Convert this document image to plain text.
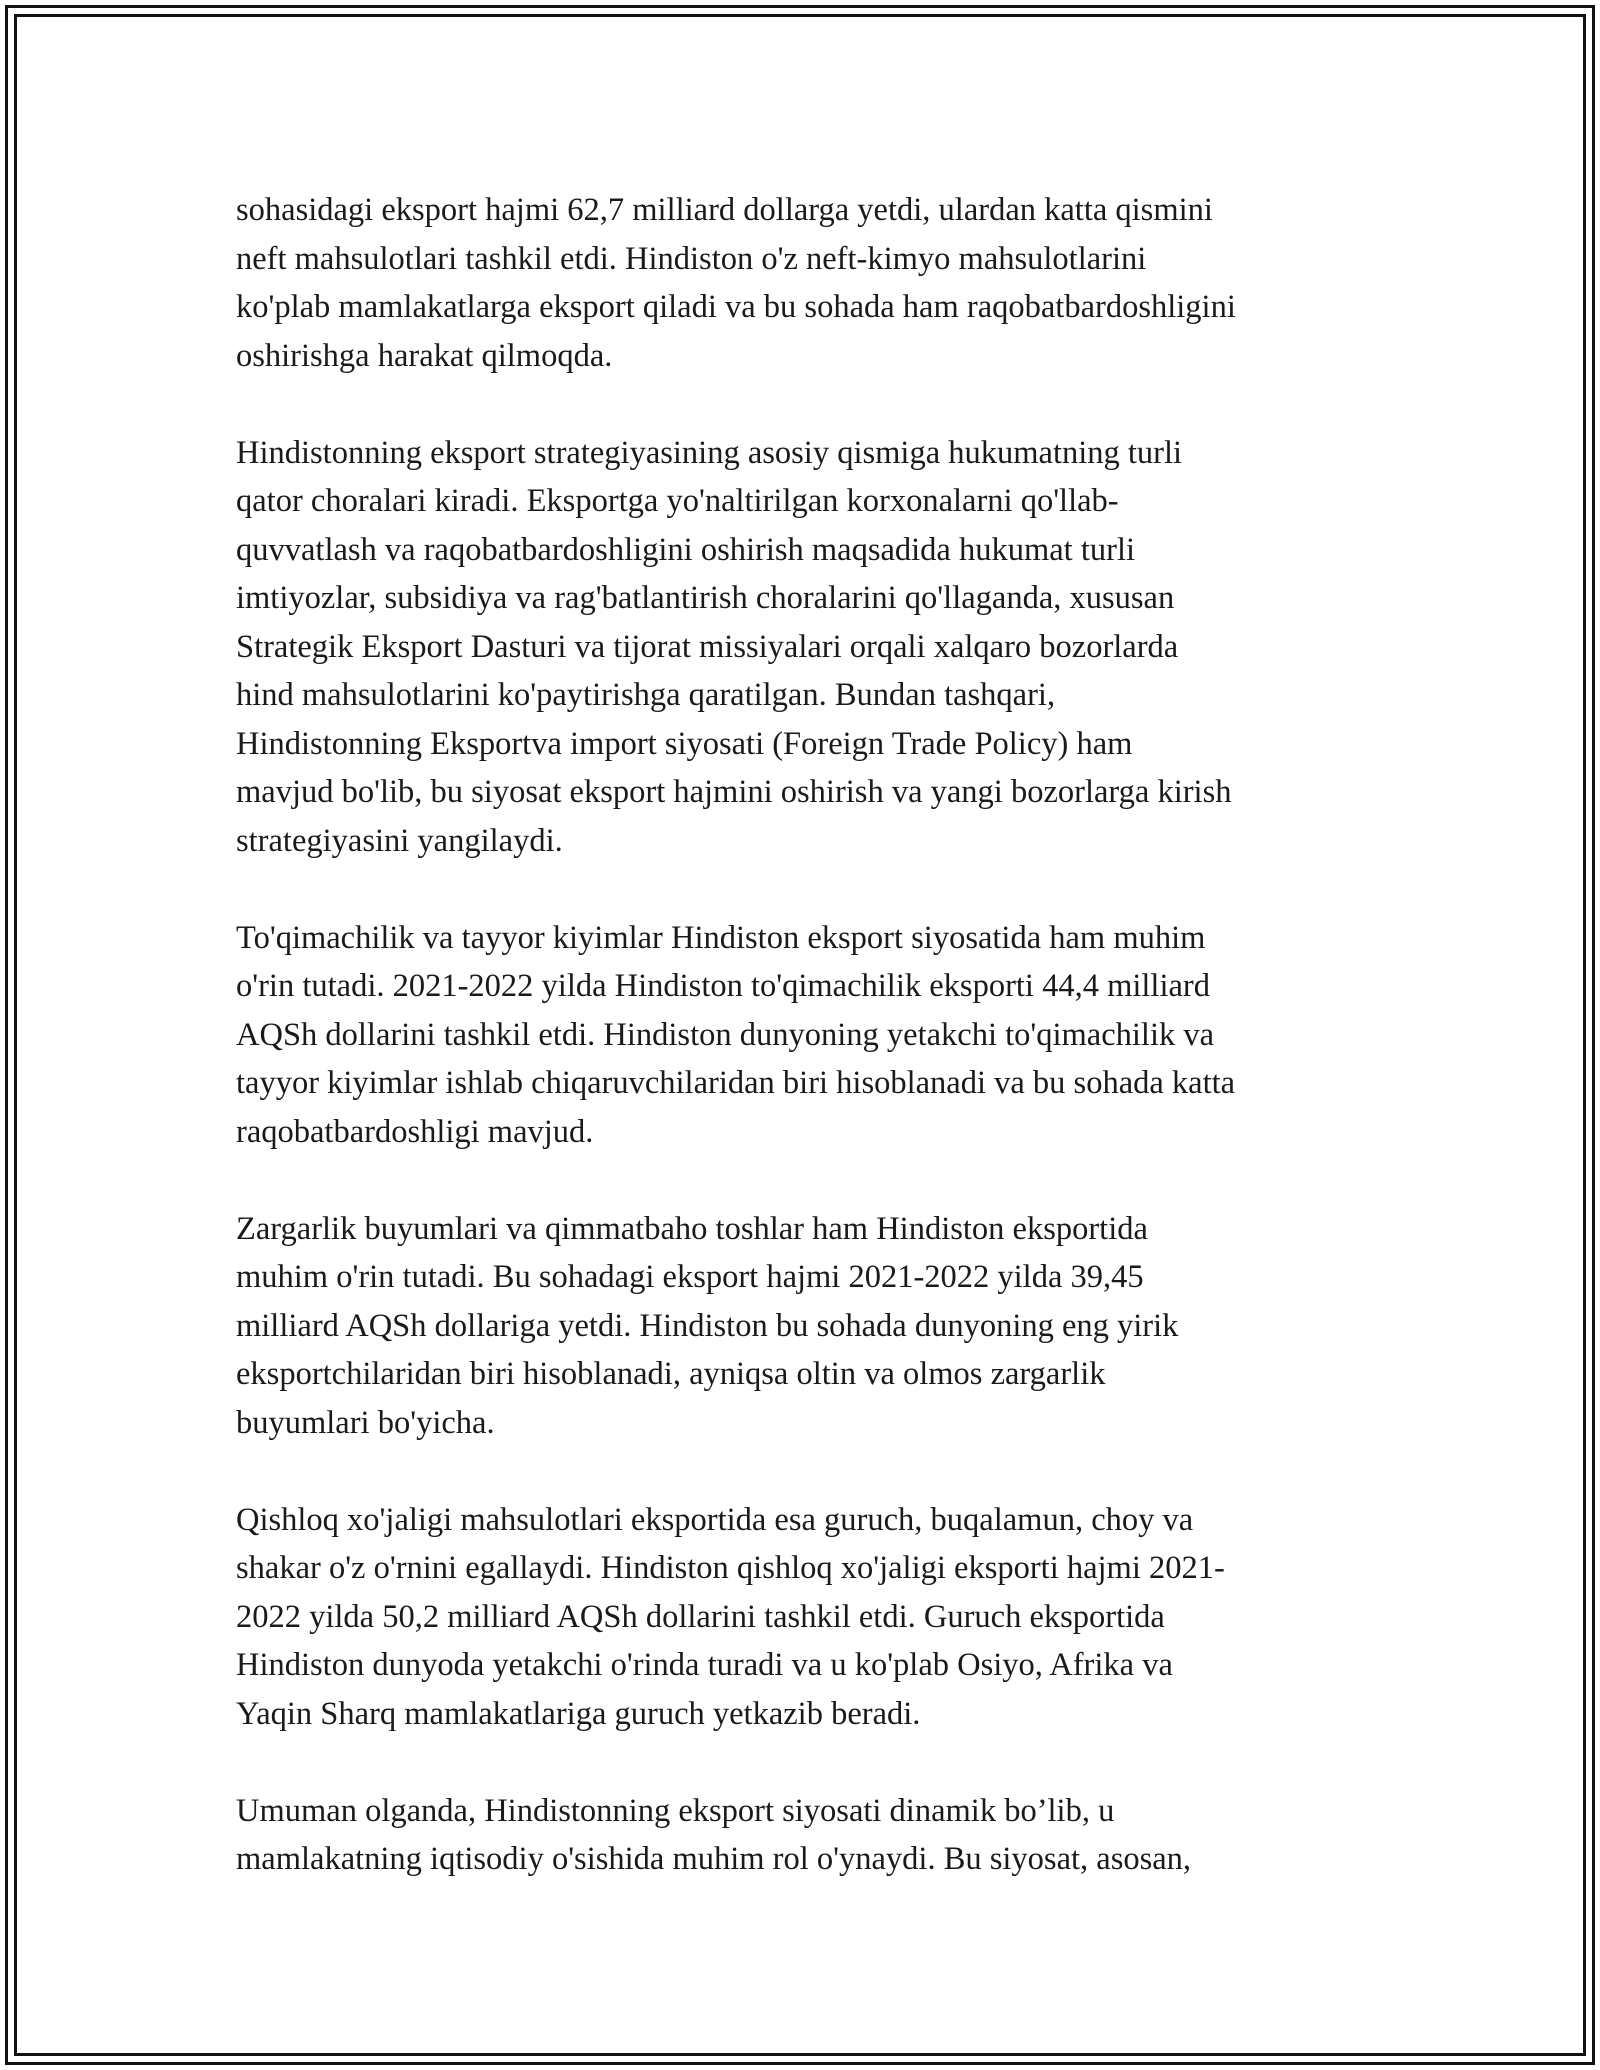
sohasidagi eksport hajmi 62,7 milliard dollarga yetdi, ulardan katta qismini
neft mahsulotlari tashkil etdi. Hindiston o'z neft-kimyo mahsulotlarini
ko'plab mamlakatlarga eksport qiladi va bu sohada ham raqobatbardoshligini
oshirishga harakat qilmoqda.

Hindistonning eksport strategiyasining asosiy qismiga hukumatning turli
qator choralari kiradi. Eksportga yo'naltirilgan korxonalarni qo'llab-
quvvatlash va raqobatbardoshligini oshirish maqsadida hukumat turli
imtiyozlar, subsidiya va rag'batlantirish choralarini qo'llaganda, xususan
Strategik Eksport Dasturi va tijorat missiyalari orqali xalqaro bozorlarda
hind mahsulotlarini ko'paytirishga qaratilgan. Bundan tashqari,
Hindistonning Eksportva import siyosati (Foreign Trade Policy) ham
mavjud bo'lib, bu siyosat eksport hajmini oshirish va yangi bozorlarga kirish
strategiyasini yangilaydi.

To'qimachilik va tayyor kiyimlar Hindiston eksport siyosatida ham muhim
o'rin tutadi. 2021-2022 yilda Hindiston to'qimachilik eksporti 44,4 milliard
AQSh dollarini tashkil etdi. Hindiston dunyoning yetakchi to'qimachilik va
tayyor kiyimlar ishlab chiqaruvchilaridan biri hisoblanadi va bu sohada katta
raqobatbardoshligi mavjud.

Zargarlik buyumlari va qimmatbaho toshlar ham Hindiston eksportida
muhim o'rin tutadi. Bu sohadagi eksport hajmi 2021-2022 yilda 39,45
milliard AQSh dollariga yetdi. Hindiston bu sohada dunyoning eng yirik
eksportchilaridan biri hisoblanadi, ayniqsa oltin va olmos zargarlik
buyumlari bo'yicha.

Qishloq xo'jaligi mahsulotlari eksportida esa guruch, buqalamun, choy va
shakar o'z o'rnini egallaydi. Hindiston qishloq xo'jaligi eksporti hajmi 2021-
2022 yilda 50,2 milliard AQSh dollarini tashkil etdi. Guruch eksportida
Hindiston dunyoda yetakchi o'rinda turadi va u ko'plab Osiyo, Afrika va
Yaqin Sharq mamlakatlariga guruch yetkazib beradi.

Umuman olganda, Hindistonning eksport siyosati dinamik bo’lib, u
mamlakatning iqtisodiy o'sishida muhim rol o'ynaydi. Bu siyosat, asosan,
